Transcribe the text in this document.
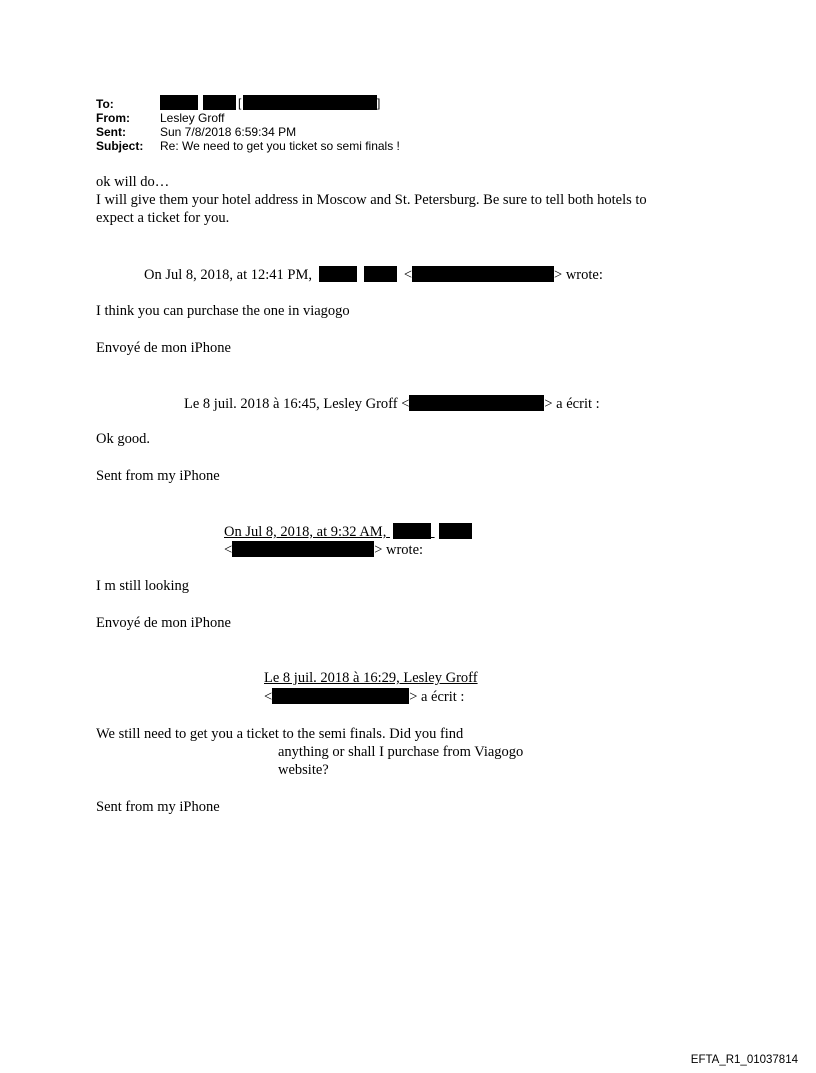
To:	[	]
From:	Lesley Groff
Sent:	Sun 7/8/2018 6:59:34 PM
Subject: Re: We need to get you ticket so semi finals !
ok will do…
I will give them your hotel address in Moscow and St. Petersburg. Be sure to tell both hotels to
expect a ticket for you.
On Jul 8, 2018, at 12:41 PM,	<	> wrote:
I think you can purchase the one in viagogo
Envoyé de mon iPhone
Le 8 juil. 2018 à 16:45, Lesley Groff <	> a écrit :
Ok good.
Sent from my iPhone
On Jul 8, 2018, at 9:32 AM,
<	> wrote:
I m still looking
Envoyé de mon iPhone
Le 8 juil. 2018 à 16:29, Lesley Groff
<	> a écrit :
We still need to get you a ticket to the semi finals. Did you find
anything or shall I purchase from Viagogo
website?
Sent from my iPhone
EFTA_R1_01037814
